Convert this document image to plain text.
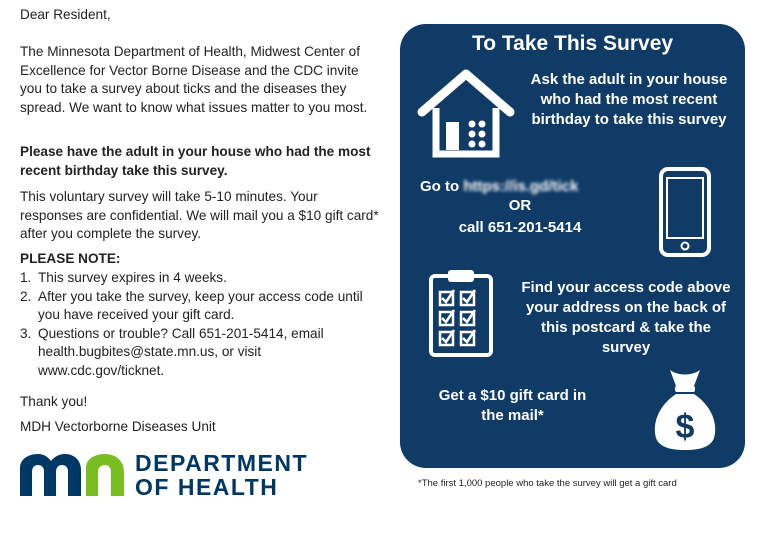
Dear Resident,

The Minnesota Department of Health, Midwest Center of Excellence for Vector Borne Disease and the CDC invite you to take a survey about ticks and the diseases they spread. We want to know what issues matter to you most.

Please have the adult in your house who had the most recent birthday take this survey.

This voluntary survey will take 5-10 minutes. Your responses are confidential. We will mail you a $10 gift card* after you complete the survey.

PLEASE NOTE:

1. This survey expires in 4 weeks.
2. After you take the survey, keep your access code until you have received your gift card.
3. Questions or trouble? Call 651-201-5414, email health.bugbites@state.mn.us, or visit www.cdc.gov/ticknet.

Thank you!

MDH Vectorborne Diseases Unit

DEPARTMENT
OF HEALTH
To Take This Survey
Ask the adult in your house who had the most recent birthday to take this survey
Go to https://is.gd/tick
OR
call 651-201-5414
Find your access code above your address on the back of this postcard & take the survey
Get a $10 gift card in the mail*	$
*The first 1,000 people who take the survey will get a gift card
